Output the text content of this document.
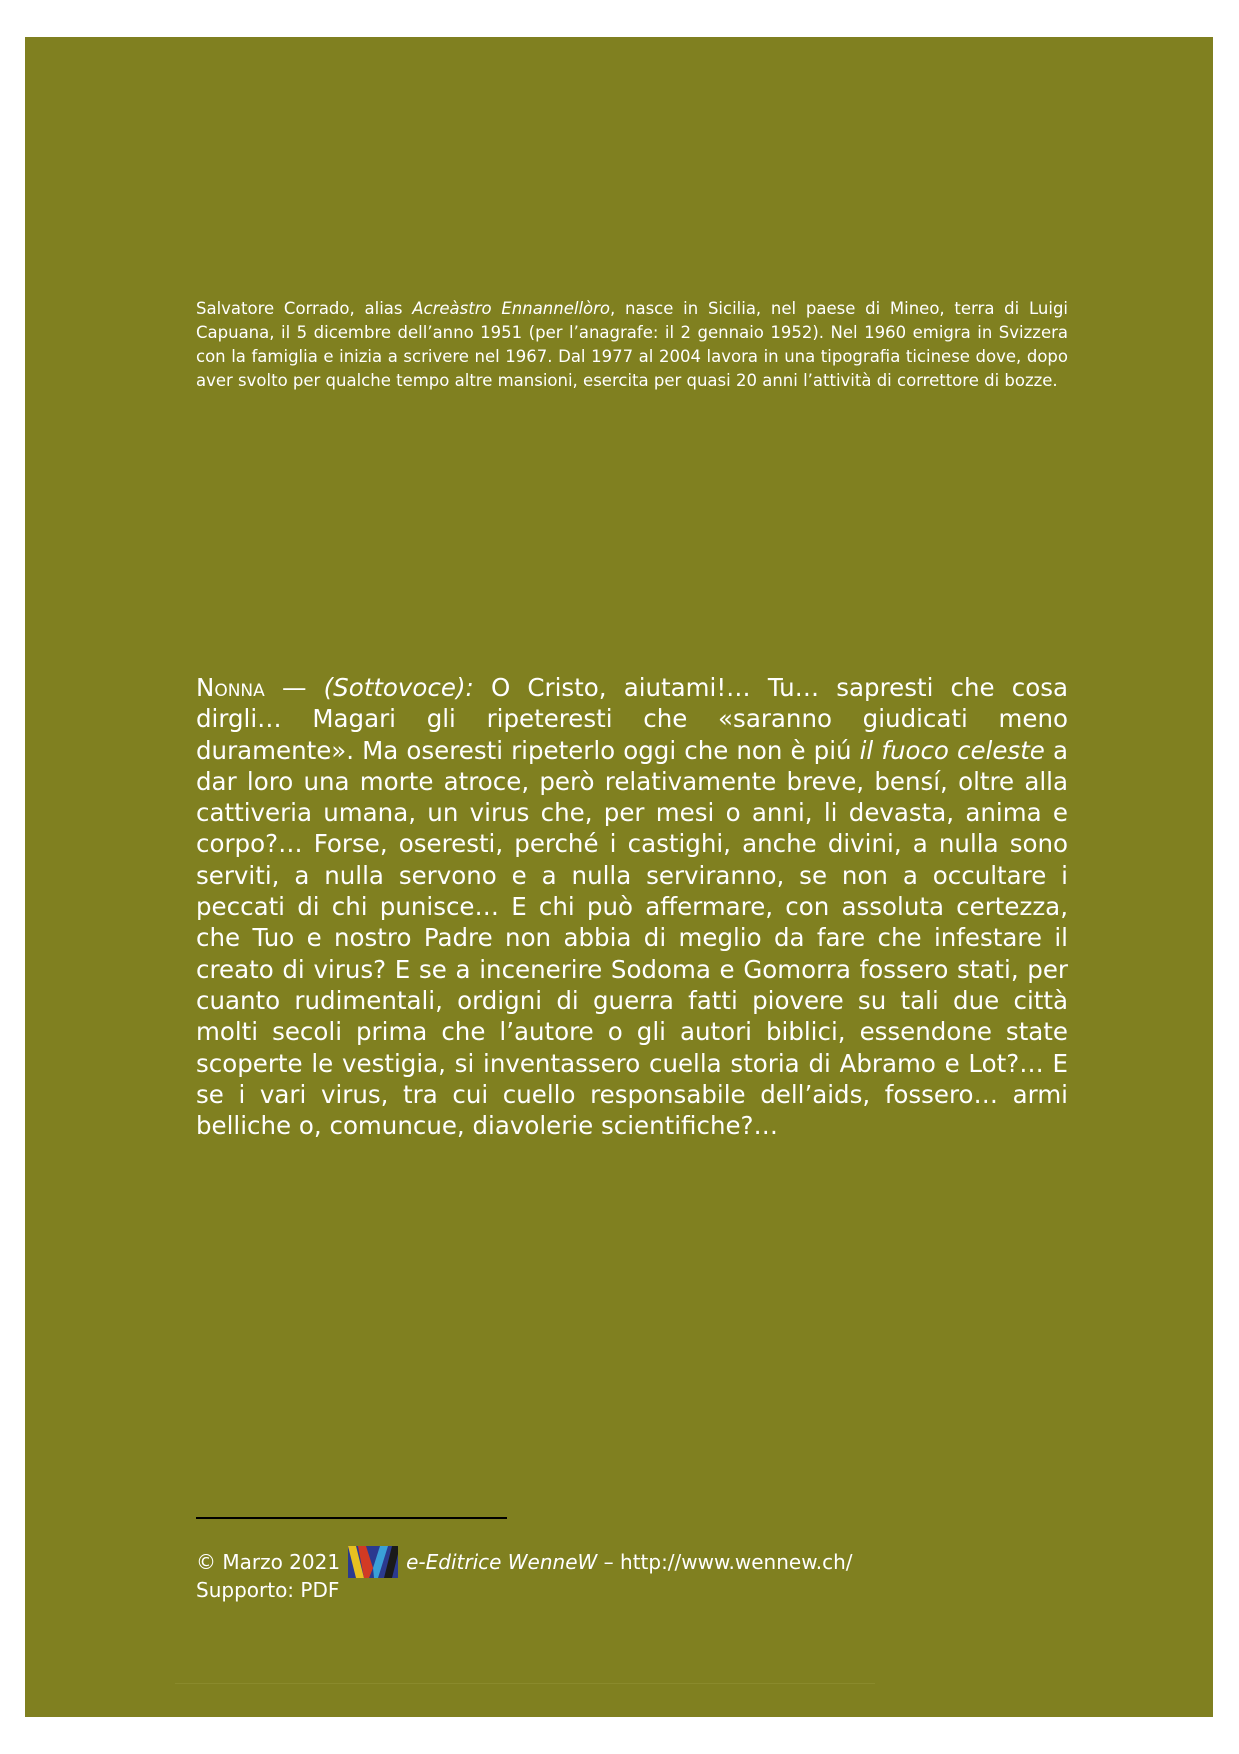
Salvatore Corrado, alias Acreàstro Ennannellòro, nasce in Sicilia, nel paese di Mineo, terra di Luigi Capuana, il 5 dicembre dell’anno 1951 (per l’anagrafe: il 2 gennaio 1952). Nel 1960 emigra in Svizzera con la famiglia e inizia a scrivere nel 1967. Dal 1977 al 2004 lavora in una tipografia ticinese dove, dopo aver svolto per qualche tempo altre mansioni, esercita per quasi 20 anni l’attività di correttore di bozze.

Nonna — (Sottovoce): O Cristo, aiutami!… Tu… sapresti che cosa dirgli… Magari gli ripeteresti che «saranno giudicati meno duramente». Ma oseresti ripeterlo oggi che non è piú il fuoco celeste a dar loro una morte atroce, però relativamente breve, bensí, oltre alla cattiveria umana, un virus che, per mesi o anni, li devasta, anima e corpo?… Forse, oseresti, perché i castighi, anche divini, a nulla sono serviti, a nulla servono e a nulla serviranno, se non a occultare i peccati di chi punisce… E chi può affermare, con assoluta certezza, che Tuo e nostro Padre non abbia di meglio da fare che infestare il creato di virus? E se a incenerire Sodoma e Gomorra fossero stati, per cuanto rudimentali, ordigni di guerra fatti piovere su tali due città molti secoli prima che l’autore o gli autori biblici, essendone state scoperte le vestigia, si inventassero cuella storia di Abramo e Lot?… E se i vari virus, tra cui cuello responsabile dell’aids, fossero… armi belliche o, comuncue, diavolerie scientifiche?…

© Marzo 2021	e-Editrice WenneW – http://www.wennew.ch/
Supporto: PDF
